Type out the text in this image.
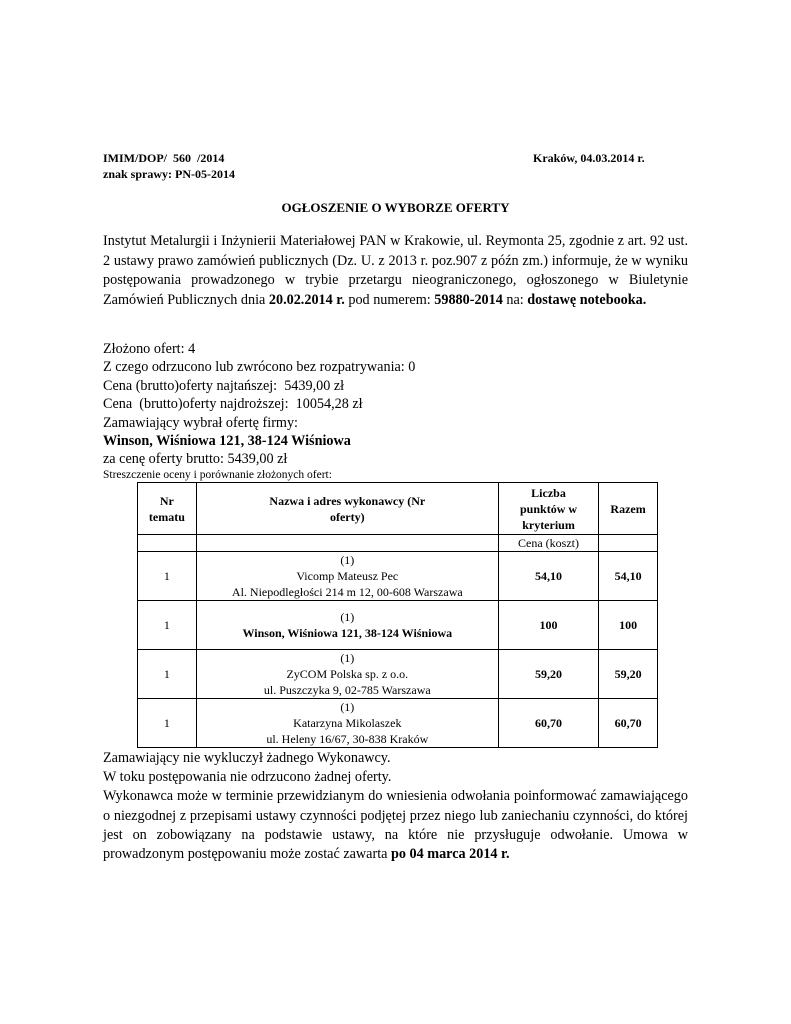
IMIM/DOP/  560  /2014
znak sprawy: PN-05-2014
Kraków, 04.03.2014 r.
OGŁOSZENIE O WYBORZE OFERTY
Instytut Metalurgii i Inżynierii Materiałowej PAN w Krakowie, ul. Reymonta 25, zgodnie z art. 92 ust. 2 ustawy prawo zamówień publicznych (Dz. U. z 2013 r. poz.907 z późn zm.) informuje, że w wyniku postępowania prowadzonego w trybie przetargu nieograniczonego, ogłoszonego w Biuletynie Zamówień Publicznych dnia 20.02.2014 r. pod numerem: 59880-2014 na: dostawę notebooka.
Złożono ofert: 4
Z czego odrzucono lub zwrócono bez rozpatrywania: 0
Cena (brutto)oferty najtańszej:  5439,00 zł
Cena  (brutto)oferty najdroższej:  10054,28 zł
Zamawiający wybrał ofertę firmy:
Winson, Wiśniowa 121, 38-124 Wiśniowa
za cenę oferty brutto: 5439,00 zł
Streszczenie oceny i porównanie złożonych ofert:
Nr tematu	Nazwa i adres wykonawcy (Nr oferty)	Liczba punktów w kryterium	Razem
		Cena (koszt)	
1	(1)
Vicomp Mateusz Pec
Al. Niepodległości 214 m 12, 00-608 Warszawa	54,10	54,10
1	(1)
Winson, Wiśniowa 121, 38-124 Wiśniowa	100	100
1	(1)
ZyCOM Polska sp. z o.o.
ul. Puszczyka 9, 02-785 Warszawa	59,20	59,20
1	(1)
Katarzyna Mikolaszek
ul. Heleny 16/67, 30-838 Kraków	60,70	60,70
Zamawiający nie wykluczył żadnego Wykonawcy.
W toku postępowania nie odrzucono żadnej oferty.
Wykonawca może w terminie przewidzianym do wniesienia odwołania poinformować zamawiającego o niezgodnej z przepisami ustawy czynności podjętej przez niego lub zaniechaniu czynności, do której jest on zobowiązany na podstawie ustawy, na które nie przysługuje odwołanie. Umowa w prowadzonym postępowaniu może zostać zawarta po 04 marca 2014 r.
